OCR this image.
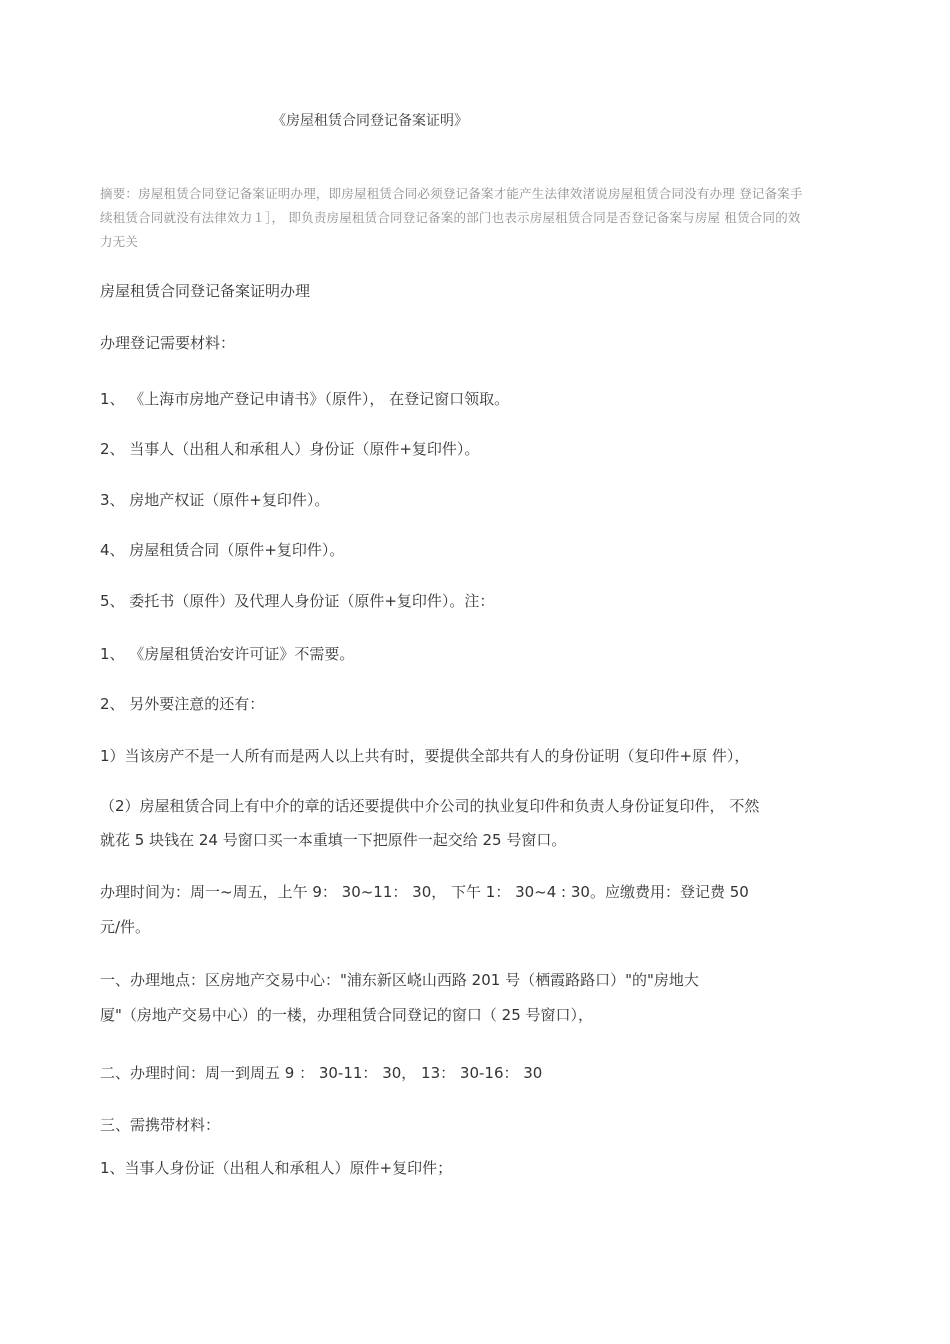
《房屋租赁合同登记备案证明》
摘要：房屋租赁合同登记备案证明办理，即房屋租赁合同必须登记备案才能产生法律效渚说房屋租赁合同没有办理 登记备案手
续租赁合同就没有法律效力１］， 即负责房屋租赁合同登记备案的部门也表示房屋租赁合同是否登记备案与房屋 租赁合同的效
力无关
房屋租赁合同登记备案证明办理
办理登记需要材料：
1、 《上海市房地产登记申请书》（原件）， 在登记窗口领取。
2、 当事人（出租人和承租人）身份证（原件+复印件）。
3、 房地产权证（原件+复印件）。
4、 房屋租赁合同（原件+复印件）。
5、 委托书（原件）及代理人身份证（原件+复印件）。注：
1、 《房屋租赁治安许可证》不需要。
2、 另外要注意的还有：
1）当该房产不是一人所有而是两人以上共有时，要提供全部共有人的身份证明（复印件+原 件），
（2）房屋租赁合同上有中介的章的话还要提供中介公司的执业复印件和负责人身份证复印件， 不然
就花 5 块钱在 24 号窗口买一本重填一下把原件一起交给 25 号窗口。
办理时间为：周一~周五，上午 9： 30~11： 30， 下午 1： 30~4 : 30。应缴费用：登记费 50
元/件。
一、办理地点：区房地产交易中心："浦东新区峣山西路 201 号（栖霞路路口）"的"房地大
厦"（房地产交易中心）的一楼，办理租赁合同登记的窗口（ 25 号窗口），
二、办理时间：周一到周五 9 ： 30-11： 30， 13： 30-16： 30
三、需携带材料：
1、当事人身份证（出租人和承租人）原件+复印件；
